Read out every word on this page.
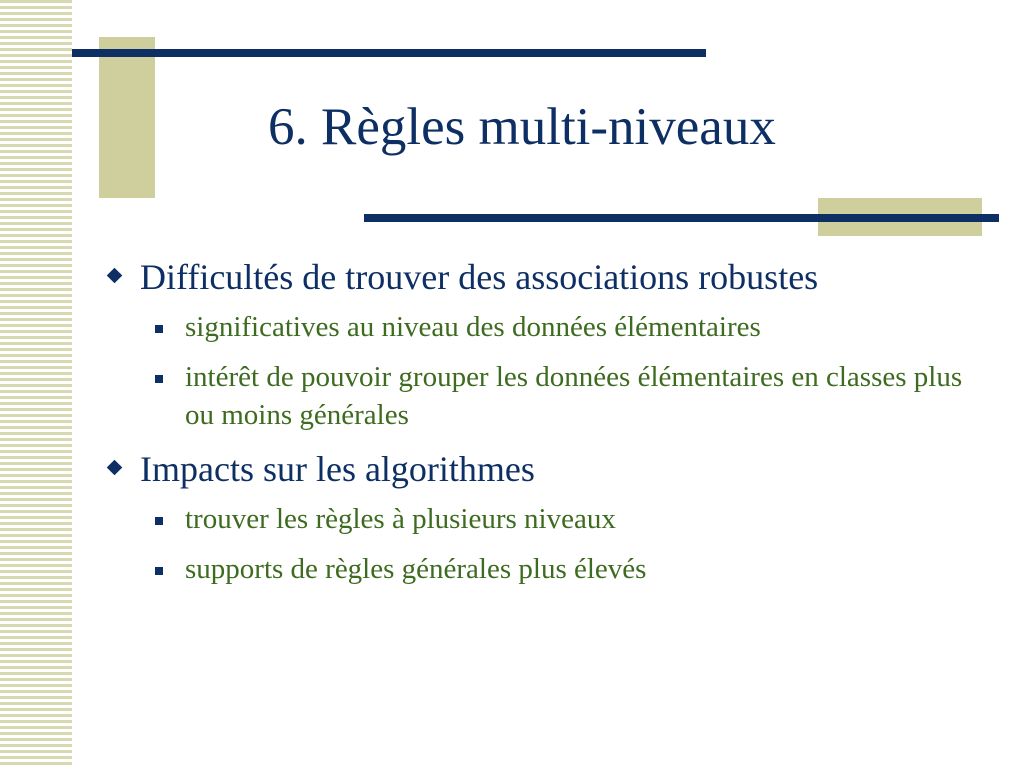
6. Règles multi-niveaux
Difficultés de trouver des associations robustes
significatives au niveau des données élémentaires
intérêt de pouvoir grouper les données élémentaires en classes plus ou moins générales
Impacts sur les algorithmes
trouver les règles à plusieurs niveaux
supports de règles générales plus élevés
